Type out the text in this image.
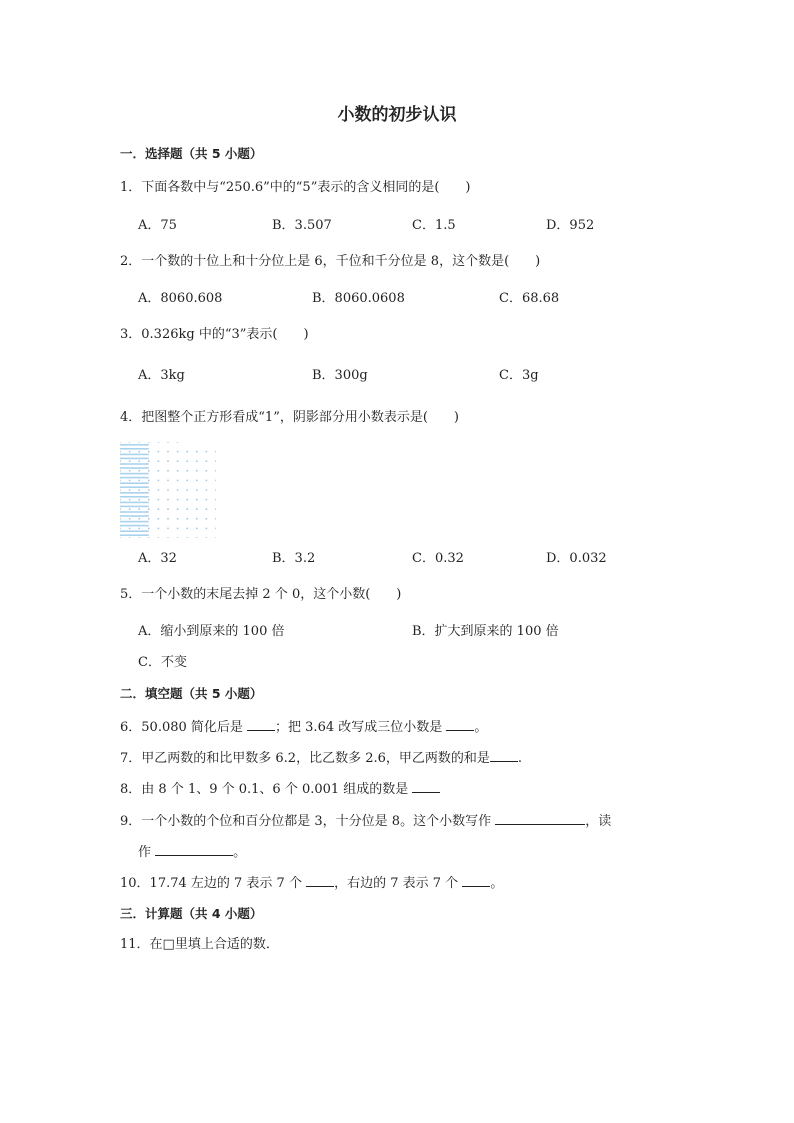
小数的初步认识
一．选择题（共 5 小题）
1．下面各数中与“250.6”中的“5”表示的含义相同的是(　　)
A．75	B．3.507	C．1.5	D．952
2．一个数的十位上和十分位上是 6，千位和千分位是 8，这个数是(　　)
A．8060.608	B．8060.0608	C．68.68
3．0.326kg 中的“3”表示(　　)
A．3kg	B．300g	C．3g
4．把图整个正方形看成“1”，阴影部分用小数表示是(　　)
A．32	B．3.2	C．0.32	D．0.032
5．一个小数的末尾去掉 2 个 0，这个小数(　　)
A．缩小到原来的 100 倍	B．扩大到原来的 100 倍
C．不变
二．填空题（共 5 小题）
6．50.080 简化后是 ；把 3.64 改写成三位小数是 。
7．甲乙两数的和比甲数多 6.2，比乙数多 2.6，甲乙两数的和是 .
8．由 8 个 1、9 个 0.1、6 个 0.001 组成的数是
9．一个小数的个位和百分位都是 3，十分位是 8。这个小数写作	，读
作	。
10．17.74 左边的 7 表示 7 个 ，右边的 7 表示 7 个 。
三．计算题（共 4 小题）
11．在□里填上合适的数．
